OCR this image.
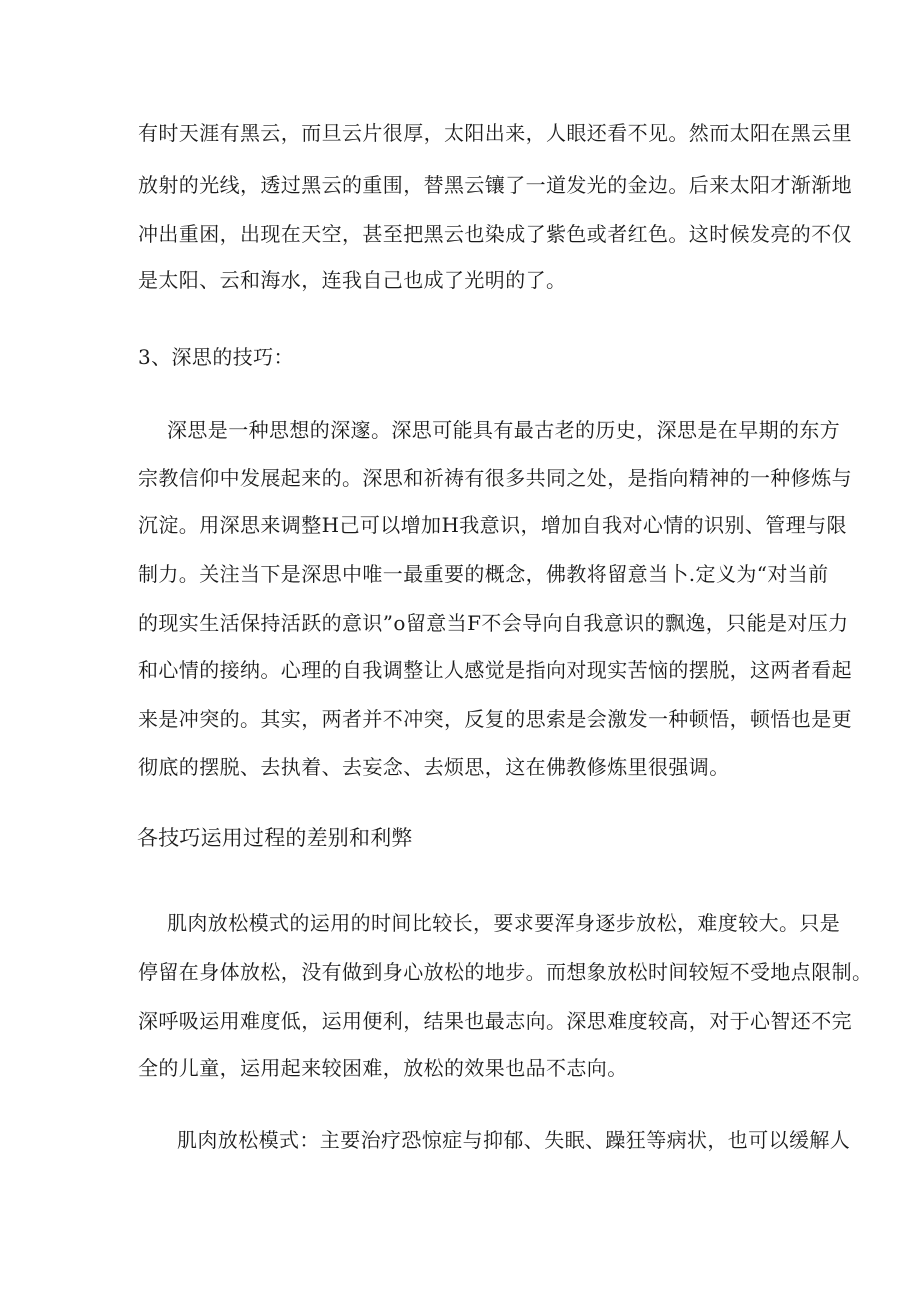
有时天涯有黑云，而旦云片很厚，太阳出来，人眼还看不见。然而太阳在黑云里
放射的光线，透过黑云的重围，替黑云镶了一道发光的金边。后来太阳才渐渐地
冲出重困，出现在天空，甚至把黑云也染成了紫色或者红色。这时候发亮的不仅
是太阳、云和海水，连我自己也成了光明的了。
3、深思的技巧：
深思是一种思想的深邃。深思可能具有最古老的历史，深思是在早期的东方
宗教信仰中发展起来的。深思和祈祷有很多共同之处，是指向精神的一种修炼与
沉淀。用深思来调整H己可以增加H我意识，增加自我对心情的识别、管理与限
制力。关注当下是深思中唯一最重要的概念，佛教将留意当卜.定义为“对当前
的现实生活保持活跃的意识”o留意当F不会导向自我意识的飘逸，只能是对压力
和心情的接纳。心理的自我调整让人感觉是指向对现实苦恼的摆脱，这两者看起
来是冲突的。其实，两者并不冲突，反复的思索是会激发一种顿悟，顿悟也是更
彻底的摆脱、去执着、去妄念、去烦思，这在佛教修炼里很强调。
各技巧运用过程的差别和利弊
肌肉放松模式的运用的时间比较长，要求要浑身逐步放松，难度较大。只是
停留在身体放松，没有做到身心放松的地步。而想象放松时间较短不受地点限制。
深呼吸运用难度低，运用便利，结果也最志向。深思难度较高，对于心智还不完
全的儿童，运用起来较困难，放松的效果也品不志向。
肌肉放松模式：主要治疗恐惊症与抑郁、失眠、躁狂等病状，也可以缓解人
